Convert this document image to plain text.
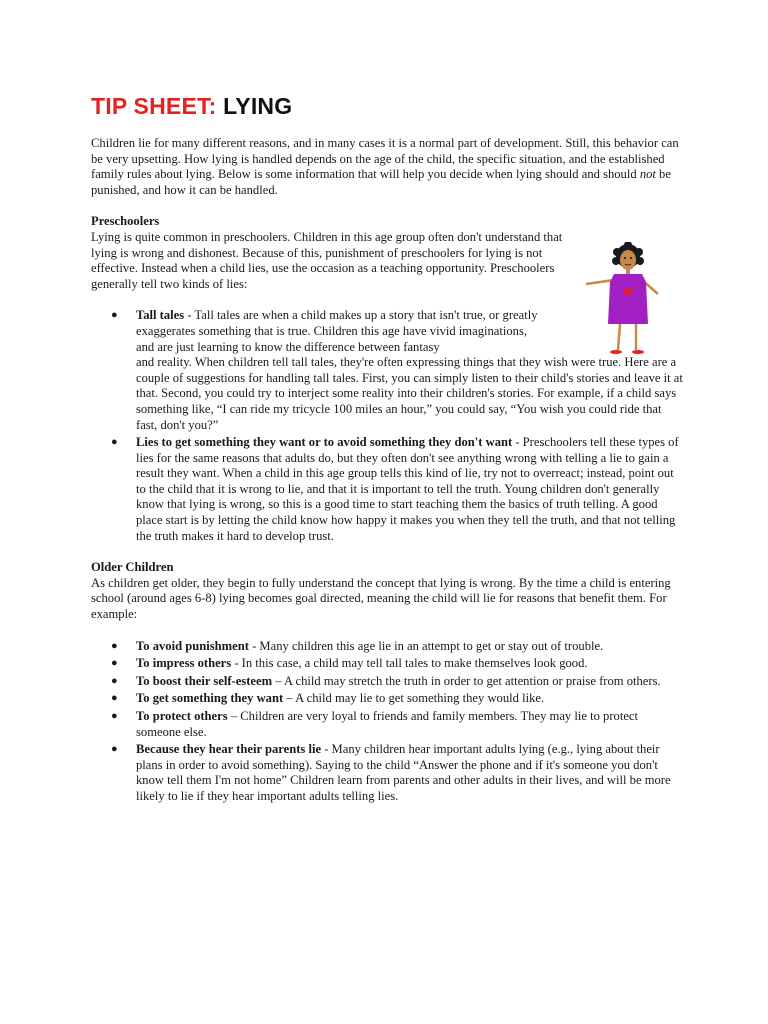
TIP SHEET: LYING

Children lie for many different reasons, and in many cases it is a normal part of development. Still, this behavior can be very upsetting. How lying is handled depends on the age of the child, the specific situation, and the established family rules about lying. Below is some information that will help you decide when lying should and should not be punished, and how it can be handled.

Preschoolers

Lying is quite common in preschoolers. Children in this age group often don't understand that lying is wrong and dishonest. Because of this, punishment of preschoolers for lying is not effective. Instead when a child lies, use the occasion as a teaching opportunity. Preschoolers generally tell two kinds of lies:

● Tall tales - Tall tales are when a child makes up a story that isn't true, or greatly exaggerates something that is true. Children this age have vivid imaginations, and are just learning to know the difference between fantasy
and reality. When children tell tall tales, they're often expressing things that they wish were true. Here are a couple of suggestions for handling tall tales. First, you can simply listen to their child's stories and leave it at that. Second, you could try to interject some reality into their children's stories. For example, if a child says something like, “I can ride my tricycle 100 miles an hour,” you could say, “You wish you could ride that fast, don't you?”
● Lies to get something they want or to avoid something they don't want - Preschoolers tell these types of lies for the same reasons that adults do, but they often don't see anything wrong with telling a lie to gain a result they want. When a child in this age group tells this kind of lie, try not to overreact; instead, point out to the child that it is wrong to lie, and that it is important to tell the truth. Young children don't generally know that lying is wrong, so this is a good time to start teaching them the basics of truth telling. A good place start is by letting the child know how happy it makes you when they tell the truth, and that not telling the truth makes it hard to develop trust.
Older Children

As children get older, they begin to fully understand the concept that lying is wrong. By the time a child is entering school (around ages 6-8) lying becomes goal directed, meaning the child will lie for reasons that benefit them. For example:

● To avoid punishment - Many children this age lie in an attempt to get or stay out of trouble.
● To impress others - In this case, a child may tell tall tales to make themselves look good.
● To boost their self-esteem – A child may stretch the truth in order to get attention or praise from others.
● To get something they want – A child may lie to get something they would like.
● To protect others – Children are very loyal to friends and family members. They may lie to protect someone else.
● Because they hear their parents lie - Many children hear important adults lying (e.g., lying about their plans in order to avoid something). Saying to the child “Answer the phone and if it's someone you don't know tell them I'm not home” Children learn from parents and other adults in their lives, and will be more likely to lie if they hear important adults telling lies.
